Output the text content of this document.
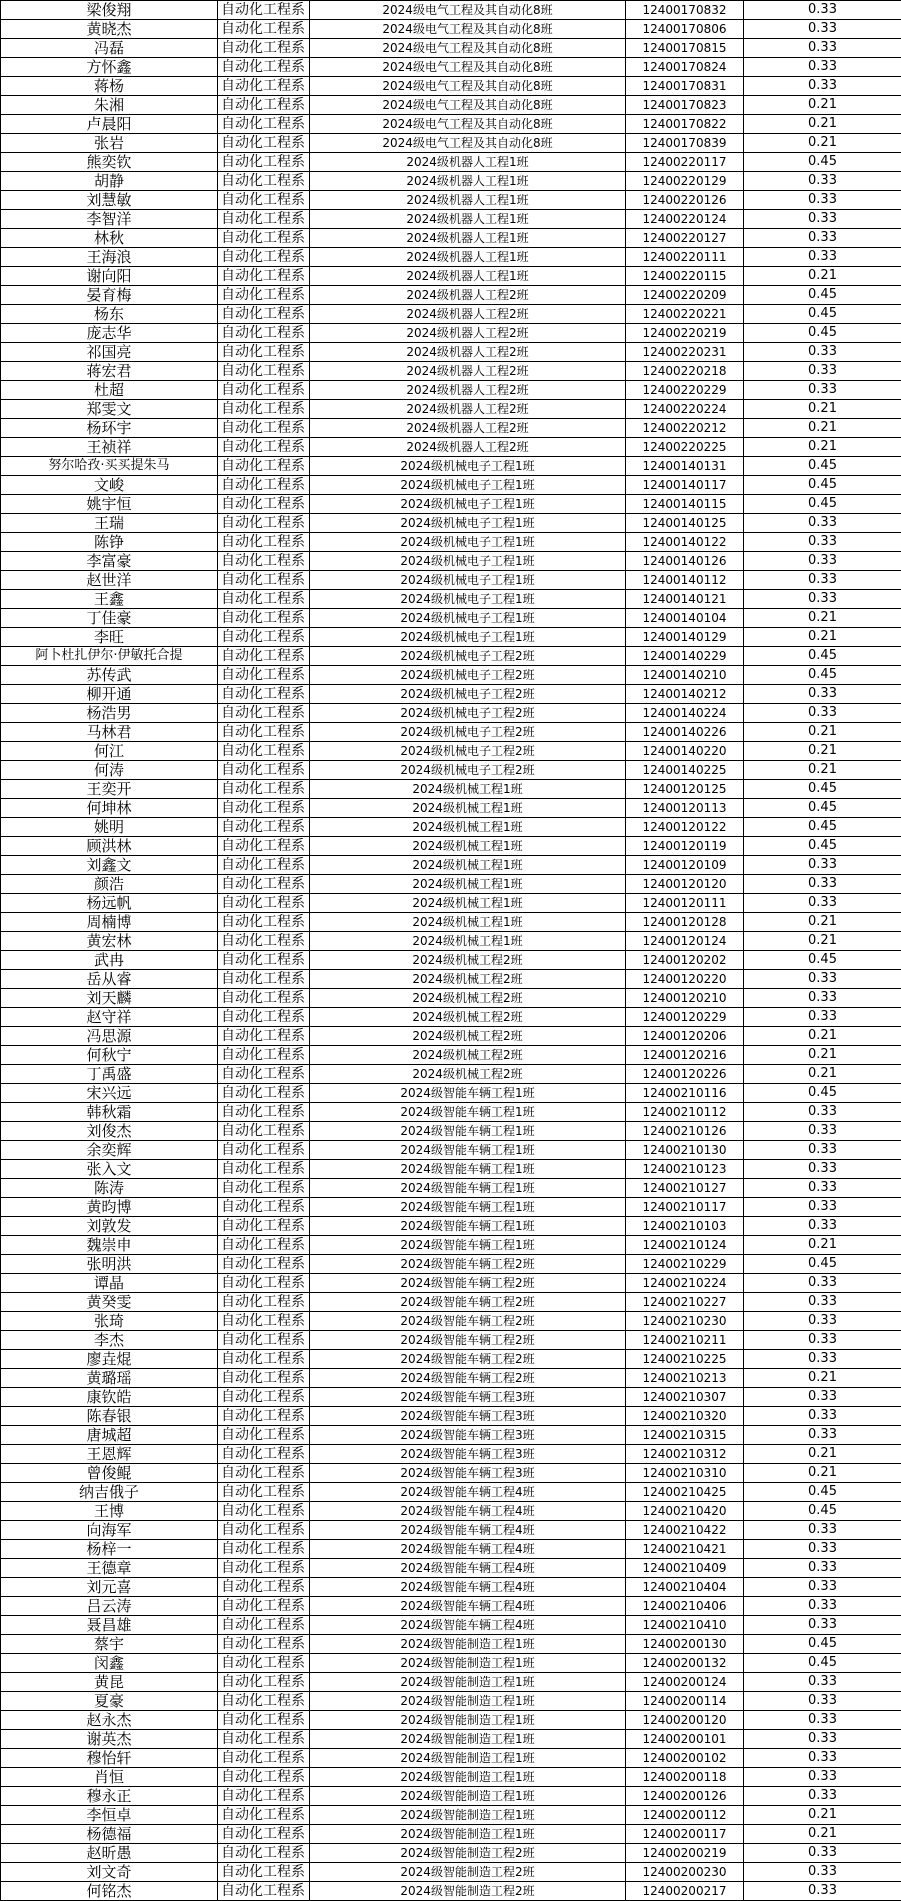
梁俊翔	自动化工程系	2024级电气工程及其自动化8班	12400170832	0.33
黄晓杰	自动化工程系	2024级电气工程及其自动化8班	12400170806	0.33
冯磊	自动化工程系	2024级电气工程及其自动化8班	12400170815	0.33
方怀鑫	自动化工程系	2024级电气工程及其自动化8班	12400170824	0.33
蒋杨	自动化工程系	2024级电气工程及其自动化8班	12400170831	0.33
朱湘	自动化工程系	2024级电气工程及其自动化8班	12400170823	0.21
卢晨阳	自动化工程系	2024级电气工程及其自动化8班	12400170822	0.21
张岩	自动化工程系	2024级电气工程及其自动化8班	12400170839	0.21
熊奕钦	自动化工程系	2024级机器人工程1班	12400220117	0.45
胡静	自动化工程系	2024级机器人工程1班	12400220129	0.33
刘慧敏	自动化工程系	2024级机器人工程1班	12400220126	0.33
李智洋	自动化工程系	2024级机器人工程1班	12400220124	0.33
林秋	自动化工程系	2024级机器人工程1班	12400220127	0.33
王海浪	自动化工程系	2024级机器人工程1班	12400220111	0.33
谢向阳	自动化工程系	2024级机器人工程1班	12400220115	0.21
晏育梅	自动化工程系	2024级机器人工程2班	12400220209	0.45
杨东	自动化工程系	2024级机器人工程2班	12400220221	0.45
庞志华	自动化工程系	2024级机器人工程2班	12400220219	0.45
祁国亮	自动化工程系	2024级机器人工程2班	12400220231	0.33
蒋宏君	自动化工程系	2024级机器人工程2班	12400220218	0.33
杜超	自动化工程系	2024级机器人工程2班	12400220229	0.33
郑雯文	自动化工程系	2024级机器人工程2班	12400220224	0.21
杨环宇	自动化工程系	2024级机器人工程2班	12400220212	0.21
王祯祥	自动化工程系	2024级机器人工程2班	12400220225	0.21
努尔哈孜·买买提朱马	自动化工程系	2024级机械电子工程1班	12400140131	0.45
文峻	自动化工程系	2024级机械电子工程1班	12400140117	0.45
姚宇恒	自动化工程系	2024级机械电子工程1班	12400140115	0.45
王瑞	自动化工程系	2024级机械电子工程1班	12400140125	0.33
陈铮	自动化工程系	2024级机械电子工程1班	12400140122	0.33
李富豪	自动化工程系	2024级机械电子工程1班	12400140126	0.33
赵世洋	自动化工程系	2024级机械电子工程1班	12400140112	0.33
王鑫	自动化工程系	2024级机械电子工程1班	12400140121	0.33
丁佳豪	自动化工程系	2024级机械电子工程1班	12400140104	0.21
李旺	自动化工程系	2024级机械电子工程1班	12400140129	0.21
阿卜杜扎伊尔·伊敏托合提	自动化工程系	2024级机械电子工程2班	12400140229	0.45
苏传武	自动化工程系	2024级机械电子工程2班	12400140210	0.45
柳开通	自动化工程系	2024级机械电子工程2班	12400140212	0.33
杨浩男	自动化工程系	2024级机械电子工程2班	12400140224	0.33
马林君	自动化工程系	2024级机械电子工程2班	12400140226	0.21
何江	自动化工程系	2024级机械电子工程2班	12400140220	0.21
何涛	自动化工程系	2024级机械电子工程2班	12400140225	0.21
王奕开	自动化工程系	2024级机械工程1班	12400120125	0.45
何坤林	自动化工程系	2024级机械工程1班	12400120113	0.45
姚明	自动化工程系	2024级机械工程1班	12400120122	0.45
顾洪林	自动化工程系	2024级机械工程1班	12400120119	0.45
刘鑫文	自动化工程系	2024级机械工程1班	12400120109	0.33
颜浩	自动化工程系	2024级机械工程1班	12400120120	0.33
杨远帆	自动化工程系	2024级机械工程1班	12400120111	0.33
周楠博	自动化工程系	2024级机械工程1班	12400120128	0.21
黄宏林	自动化工程系	2024级机械工程1班	12400120124	0.21
武冉	自动化工程系	2024级机械工程2班	12400120202	0.45
岳从睿	自动化工程系	2024级机械工程2班	12400120220	0.33
刘天麟	自动化工程系	2024级机械工程2班	12400120210	0.33
赵守祥	自动化工程系	2024级机械工程2班	12400120229	0.33
冯思源	自动化工程系	2024级机械工程2班	12400120206	0.21
何秋宁	自动化工程系	2024级机械工程2班	12400120216	0.21
丁禹盛	自动化工程系	2024级机械工程2班	12400120226	0.21
宋兴远	自动化工程系	2024级智能车辆工程1班	12400210116	0.45
韩秋霜	自动化工程系	2024级智能车辆工程1班	12400210112	0.33
刘俊杰	自动化工程系	2024级智能车辆工程1班	12400210126	0.33
余奕辉	自动化工程系	2024级智能车辆工程1班	12400210130	0.33
张入文	自动化工程系	2024级智能车辆工程1班	12400210123	0.33
陈涛	自动化工程系	2024级智能车辆工程1班	12400210127	0.33
黄昀博	自动化工程系	2024级智能车辆工程1班	12400210117	0.33
刘敦发	自动化工程系	2024级智能车辆工程1班	12400210103	0.33
魏崇申	自动化工程系	2024级智能车辆工程1班	12400210124	0.21
张明洪	自动化工程系	2024级智能车辆工程2班	12400210229	0.45
谭晶	自动化工程系	2024级智能车辆工程2班	12400210224	0.33
黄癸雯	自动化工程系	2024级智能车辆工程2班	12400210227	0.33
张琦	自动化工程系	2024级智能车辆工程2班	12400210230	0.33
李杰	自动化工程系	2024级智能车辆工程2班	12400210211	0.33
廖垚焜	自动化工程系	2024级智能车辆工程2班	12400210225	0.33
黄璐瑶	自动化工程系	2024级智能车辆工程2班	12400210213	0.21
康钦皓	自动化工程系	2024级智能车辆工程3班	12400210307	0.33
陈春银	自动化工程系	2024级智能车辆工程3班	12400210320	0.33
唐城超	自动化工程系	2024级智能车辆工程3班	12400210315	0.33
王恩辉	自动化工程系	2024级智能车辆工程3班	12400210312	0.21
曾俊鲲	自动化工程系	2024级智能车辆工程3班	12400210310	0.21
纳吉俄子	自动化工程系	2024级智能车辆工程4班	12400210425	0.45
王博	自动化工程系	2024级智能车辆工程4班	12400210420	0.45
向海军	自动化工程系	2024级智能车辆工程4班	12400210422	0.33
杨梓一	自动化工程系	2024级智能车辆工程4班	12400210421	0.33
王德章	自动化工程系	2024级智能车辆工程4班	12400210409	0.33
刘元喜	自动化工程系	2024级智能车辆工程4班	12400210404	0.33
吕云涛	自动化工程系	2024级智能车辆工程4班	12400210406	0.33
聂昌雄	自动化工程系	2024级智能车辆工程4班	12400210410	0.33
蔡宇	自动化工程系	2024级智能制造工程1班	12400200130	0.45
闵鑫	自动化工程系	2024级智能制造工程1班	12400200132	0.45
黄昆	自动化工程系	2024级智能制造工程1班	12400200124	0.33
夏豪	自动化工程系	2024级智能制造工程1班	12400200114	0.33
赵永杰	自动化工程系	2024级智能制造工程1班	12400200120	0.33
谢英杰	自动化工程系	2024级智能制造工程1班	12400200101	0.33
穆怡轩	自动化工程系	2024级智能制造工程1班	12400200102	0.33
肖恒	自动化工程系	2024级智能制造工程1班	12400200118	0.33
穆永正	自动化工程系	2024级智能制造工程1班	12400200126	0.33
李恒卓	自动化工程系	2024级智能制造工程1班	12400200112	0.21
杨德福	自动化工程系	2024级智能制造工程1班	12400200117	0.21
赵昕愚	自动化工程系	2024级智能制造工程2班	12400200219	0.33
刘文奇	自动化工程系	2024级智能制造工程2班	12400200230	0.33
何铭杰	自动化工程系	2024级智能制造工程2班	12400200217	0.33
